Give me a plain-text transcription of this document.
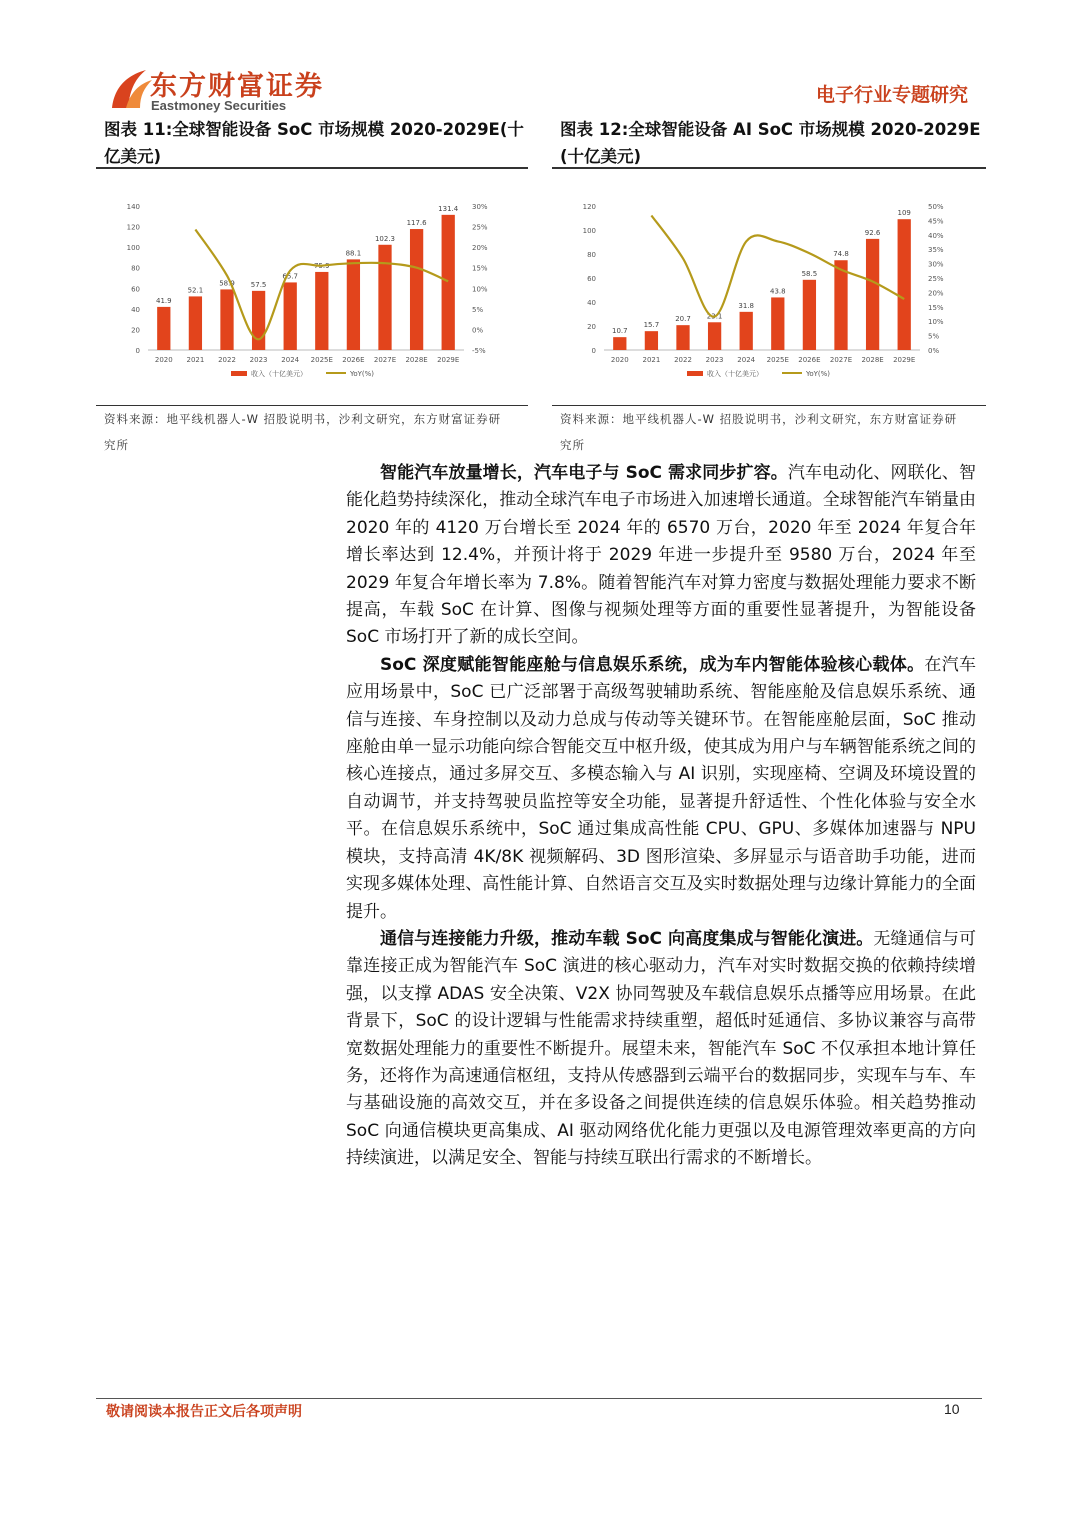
东方财富证券
Eastmoney Securities	电子行业专题研究
图表 11:全球智能设备 SoC 市场规模 2020-2029E(十
亿美元)
0
20
40
60
80
100
120
140
-5%
0%
5%
10%
15%
20%
25%
30%
41.9
2020
52.1
2021
58.9
2022
57.5
2023
65.7
2024
75.9
2025E
88.1
2026E
102.3
2027E
117.6
2028E
131.4
2029E
收入（十亿美元）	YoY(%)
资料来源：地平线机器人-W 招股说明书，沙利文研究，东方财富证券研
究所
图表 12:全球智能设备 AI SoC 市场规模 2020-2029E
(十亿美元)
0
20
40
60
80
100
120
0%
5%
10%
15%
20%
25%
30%
35%
40%
45%
50%
10.7
2020
15.7
2021
20.7
2022
23.1
2023
31.8
2024
43.8
2025E
58.5
2026E
74.8
2027E
92.6
2028E
109
2029E
收入（十亿美元）	YoY(%)
资料来源：地平线机器人-W 招股说明书，沙利文研究，东方财富证券研
究所

智能汽车放量增长，汽车电子与 SoC 需求同步扩容。汽车电动化、网联化、智能化趋势持续深化，推动全球汽车电子市场进入加速增长通道。全球智能汽车销量由 2020 年的 4120 万台增长至 2024 年的 6570 万台，2020 年至 2024 年复合年增长率达到 12.4%，并预计将于 2029 年进一步提升至 9580 万台，2024 年至 2029 年复合年增长率为 7.8%。随着智能汽车对算力密度与数据处理能力要求不断提高，车载 SoC 在计算、图像与视频处理等方面的重要性显著提升，为智能设备 SoC 市场打开了新的成长空间。

SoC 深度赋能智能座舱与信息娱乐系统，成为车内智能体验核心载体。在汽车应用场景中，SoC 已广泛部署于高级驾驶辅助系统、智能座舱及信息娱乐系统、通信与连接、车身控制以及动力总成与传动等关键环节。在智能座舱层面，SoC 推动座舱由单一显示功能向综合智能交互中枢升级，使其成为用户与车辆智能系统之间的核心连接点，通过多屏交互、多模态输入与 AI 识别，实现座椅、空调及环境设置的自动调节，并支持驾驶员监控等安全功能，显著提升舒适性、个性化体验与安全水平。在信息娱乐系统中，SoC 通过集成高性能 CPU、GPU、多媒体加速器与 NPU 模块，支持高清 4K/8K 视频解码、3D 图形渲染、多屏显示与语音助手功能，进而实现多媒体处理、高性能计算、自然语言交互及实时数据处理与边缘计算能力的全面提升。

通信与连接能力升级，推动车载 SoC 向高度集成与智能化演进。无缝通信与可靠连接正成为智能汽车 SoC 演进的核心驱动力，汽车对实时数据交换的依赖持续增强，以支撑 ADAS 安全决策、V2X 协同驾驶及车载信息娱乐点播等应用场景。在此背景下，SoC 的设计逻辑与性能需求持续重塑，超低时延通信、多协议兼容与高带宽数据处理能力的重要性不断提升。展望未来，智能汽车 SoC 不仅承担本地计算任务，还将作为高速通信枢纽，支持从传感器到云端平台的数据同步，实现车与车、车与基础设施的高效交互，并在多设备之间提供连续的信息娱乐体验。相关趋势推动 SoC 向通信模块更高集成、AI 驱动网络优化能力更强以及电源管理效率更高的方向持续演进，以满足安全、智能与持续互联出行需求的不断增长。

敬请阅读本报告正文后各项声明	10
